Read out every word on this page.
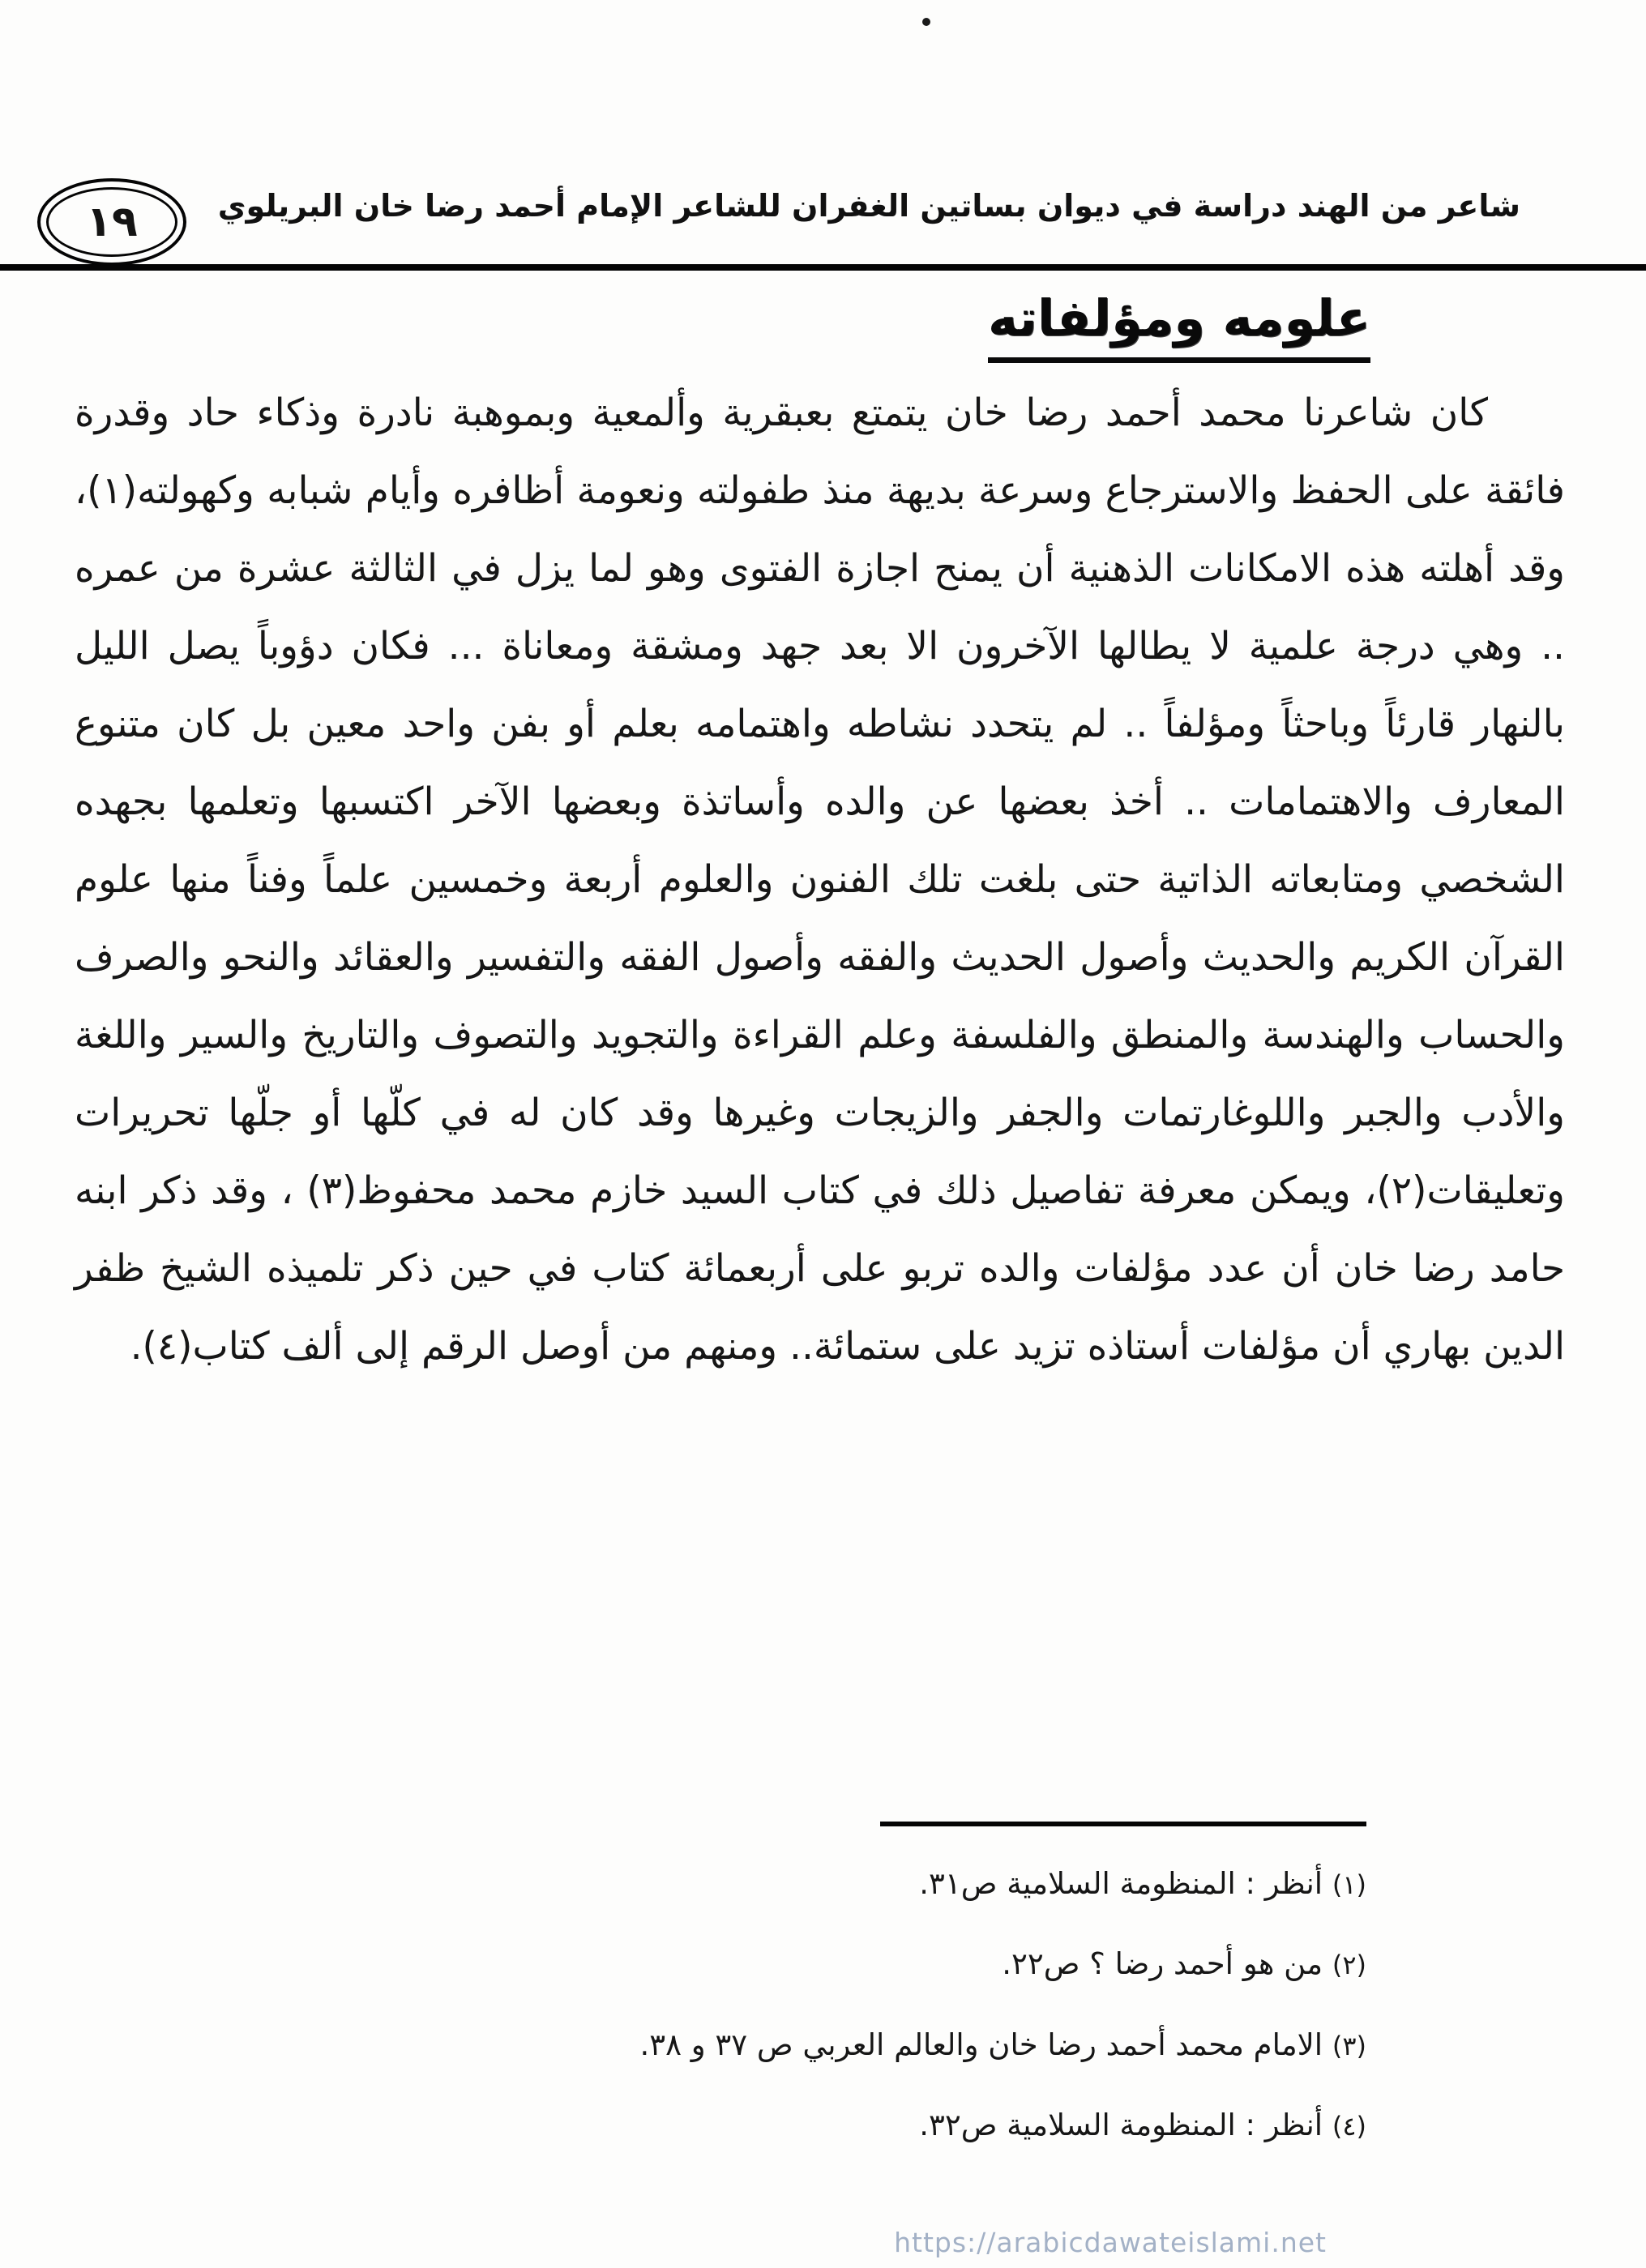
شاعر من الهند دراسة في ديوان بساتين الغفران للشاعر الإمام أحمد رضا خان البريلوي
١٩
علومه ومؤلفاته
كان شاعرنا محمد أحمد رضا خان يتمتع بعبقرية وألمعية وبموهبة نادرة وذكاء حاد وقدرة فائقة على الحفظ والاسترجاع وسرعة بديهة منذ طفولته ونعومة أظافره وأيام شبابه وكهولته(١)، وقد أهلته هذه الامكانات الذهنية أن يمنح اجازة الفتوى وهو لما يزل في الثالثة عشرة من عمره .. وهي درجة علمية لا يطالها الآخرون الا بعد جهد ومشقة ومعاناة ... فكان دؤوباً يصل الليل بالنهار قارئاً وباحثاً ومؤلفاً .. لم يتحدد نشاطه واهتمامه بعلم أو بفن واحد معين بل كان متنوع المعارف والاهتمامات .. أخذ بعضها عن والده وأساتذة وبعضها الآخر اكتسبها وتعلمها بجهده الشخصي ومتابعاته الذاتية حتى بلغت تلك الفنون والعلوم أربعة وخمسين علماً وفناً منها علوم القرآن الكريم والحديث وأصول الحديث والفقه وأصول الفقه والتفسير والعقائد والنحو والصرف والحساب والهندسة والمنطق والفلسفة وعلم القراءة والتجويد والتصوف والتاريخ والسير واللغة والأدب والجبر واللوغارتمات والجفر والزيجات وغيرها وقد كان له في كلّها أو جلّها تحريرات وتعليقات(٢)، ويمكن معرفة تفاصيل ذلك في كتاب السيد خازم محمد محفوظ(٣) ، وقد ذكر ابنه حامد رضا خان أن عدد مؤلفات والده تربو على أربعمائة كتاب في حين ذكر تلميذه الشيخ ظفر الدين بهاري أن مؤلفات أستاذه تزيد على ستمائة.. ومنهم من أوصل الرقم إلى ألف كتاب(٤).
(١) أنظر : المنظومة السلامية ص٣١.
(٢) من هو أحمد رضا ؟ ص٢٢.
(٣) الامام محمد أحمد رضا خان والعالم العربي ص ٣٧ و ٣٨.
(٤) أنظر : المنظومة السلامية ص٣٢.
https://arabicdawateislami.net
